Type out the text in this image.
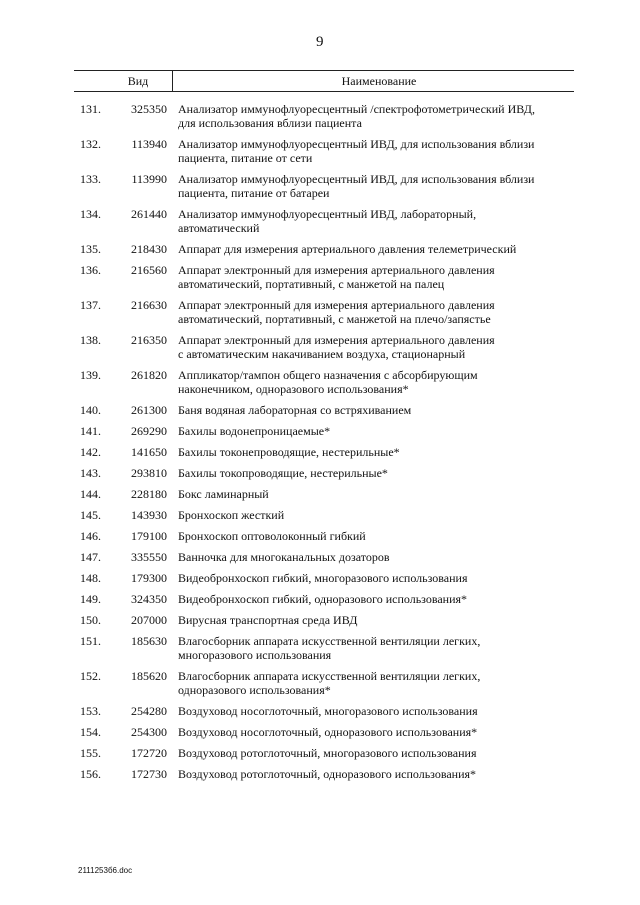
9
Вид	Наименование
131.	325350 Анализатор иммунофлуоресцентный /спектрофотометрический ИВД,
для использования вблизи пациента
132.	113940 Анализатор иммунофлуоресцентный ИВД, для использования вблизи
пациента, питание от сети
133.	113990 Анализатор иммунофлуоресцентный ИВД, для использования вблизи
пациента, питание от батареи
134.	261440 Анализатор иммунофлуоресцентный ИВД, лабораторный,
автоматический
135.	218430 Аппарат для измерения артериального давления телеметрический
136.	216560 Аппарат электронный для измерения артериального давления
автоматический, портативный, с манжетой на палец
137.	216630 Аппарат электронный для измерения артериального давления
автоматический, портативный, с манжетой на плечо/запястье
138.	216350 Аппарат электронный для измерения артериального давления
с автоматическим накачиванием воздуха, стационарный
139.	261820 Аппликатор/тампон общего назначения с абсорбирующим
наконечником, одноразового использования*
140.	261300 Баня водяная лабораторная со встряхиванием
141.	269290 Бахилы водонепроницаемые*
142.	141650 Бахилы токонепроводящие, нестерильные*
143.	293810 Бахилы токопроводящие, нестерильные*
144.	228180 Бокс ламинарный
145.	143930 Бронхоскоп жесткий
146.	179100 Бронхоскоп оптоволоконный гибкий
147.	335550 Ванночка для многоканальных дозаторов
148.	179300 Видеобронхоскоп гибкий, многоразового использования
149.	324350 Видеобронхоскоп гибкий, одноразового использования*
150.	207000 Вирусная транспортная среда ИВД
151.	185630 Влагосборник аппарата искусственной вентиляции легких,
многоразового использования
152.	185620 Влагосборник аппарата искусственной вентиляции легких,
одноразового использования*
153.	254280 Воздуховод носоглоточный, многоразового использования
154.	254300 Воздуховод носоглоточный, одноразового использования*
155.	172720 Воздуховод ротоглоточный, многоразового использования
156.	172730 Воздуховод ротоглоточный, одноразового использования*
2111253б6.doc
